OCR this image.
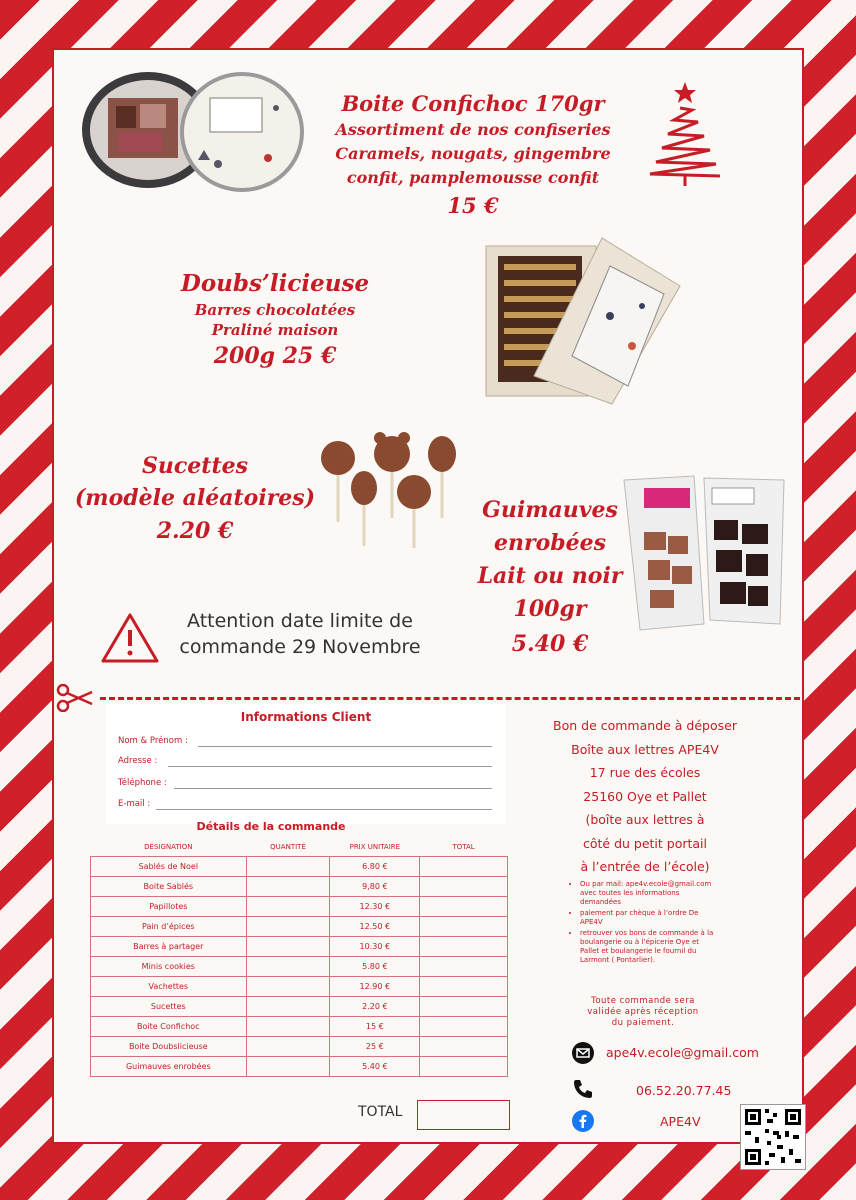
Boite Confichoc 170gr
Assortiment de nos confiseries
Caramels, nougats, gingembre
confit, pamplemousse confit
15 €
Doubs’licieuse
Barres chocolatées
Praliné maison
200g 25 €
Sucettes
(modèle aléatoires)
2.20 €
Guimauves
enrobées
Lait ou noir
100gr
5.40 €
Attention date limite de
commande 29 Novembre
Informations Client
Nom & Prénom :
Adresse :
Téléphone :
E-mail :
Détails de la commande
DÉSIGNATION	QUANTITÉ	PRIX UNITAIRE	TOTAL
Sablés de Noel		6.80 €	
Boite Sablés		9,80 €	
Papillotes		12.30 €	
Pain d’épices		12.50 €	
Barres à partager		10.30 €	
Minis cookies		5.80 €	
Vachettes		12.90 €	
Sucettes		2.20 €	
Boite Confichoc		15 €	
Boite Doubslicieuse		25 €	
Guimauves enrobées		5.40 €	
TOTAL
Bon de commande à déposer
Boîte aux lettres APE4V
17 rue des écoles
25160 Oye et Pallet
(boîte aux lettres à
côté du petit portail
à l’entrée de l’école)
• Ou par mail: ape4v.ecole@gmail.com avec toutes les informations demandées
• paiement par chèque à l’ordre De APE4V
• retrouver vos bons de commande à la boulangerie ou à l’épicerie Oye et Pallet et boulangerie le fournil du Larmont ( Pontarlier).
Toute commande sera
validée après réception
du paiement.
ape4v.ecole@gmail.com
06.52.20.77.45
APE4V
